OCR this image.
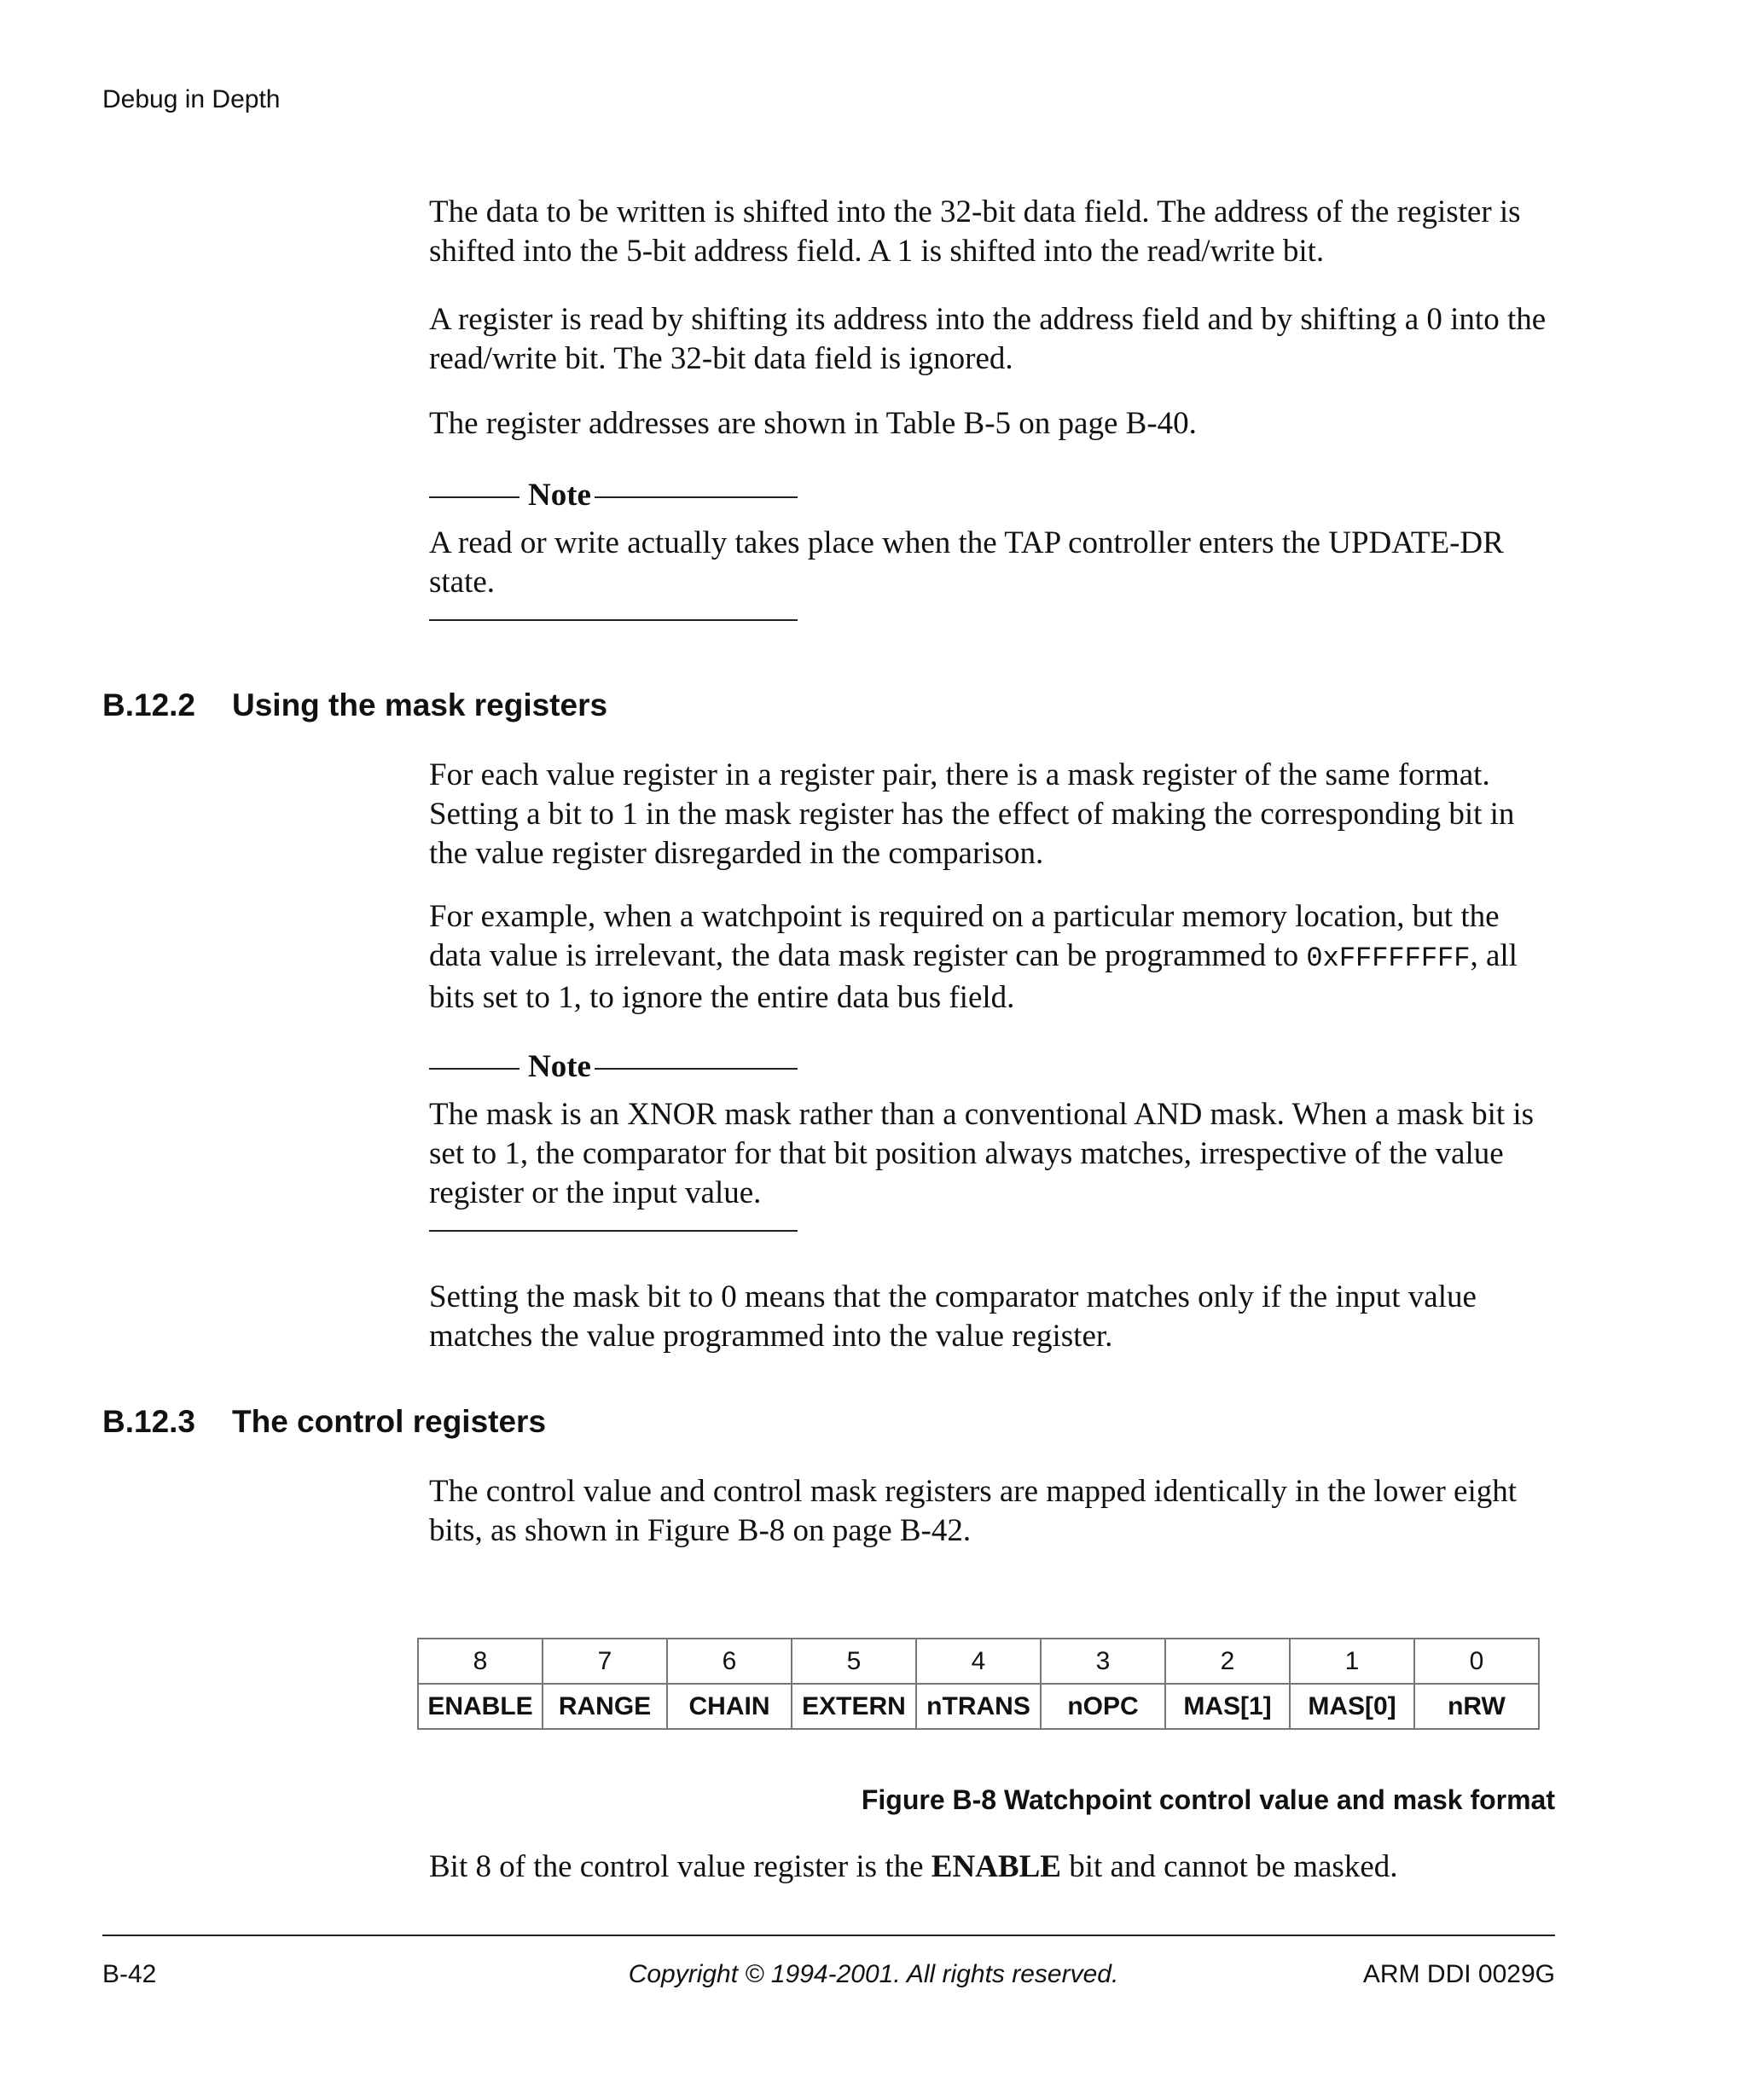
Debug in Depth

The data to be written is shifted into the 32-bit data field. The address of the register is shifted into the 5-bit address field. A 1 is shifted into the read/write bit.

A register is read by shifting its address into the address field and by shifting a 0 into the read/write bit. The 32-bit data field is ignored.

The register addresses are shown in Table B-5 on page B-40.

Note

A read or write actually takes place when the TAP controller enters the UPDATE-DR state.

B.12.2 Using the mask registers

For each value register in a register pair, there is a mask register of the same format. Setting a bit to 1 in the mask register has the effect of making the corresponding bit in the value register disregarded in the comparison.

For example, when a watchpoint is required on a particular memory location, but the data value is irrelevant, the data mask register can be programmed to 0xFFFFFFFF, all bits set to 1, to ignore the entire data bus field.

Note

The mask is an XNOR mask rather than a conventional AND mask. When a mask bit is set to 1, the comparator for that bit position always matches, irrespective of the value register or the input value.

Setting the mask bit to 0 means that the comparator matches only if the input value matches the value programmed into the value register.

B.12.3 The control registers

The control value and control mask registers are mapped identically in the lower eight bits, as shown in Figure B-8 on page B-42.

8	7	6	5	4	3	2	1	0
ENABLE	RANGE	CHAIN	EXTERN	nTRANS	nOPC	MAS[1]	MAS[0]	nRW
Figure B-8 Watchpoint control value and mask format

Bit 8 of the control value register is the ENABLE bit and cannot be masked.

B-42	Copyright © 1994-2001. All rights reserved.	ARM DDI 0029G
